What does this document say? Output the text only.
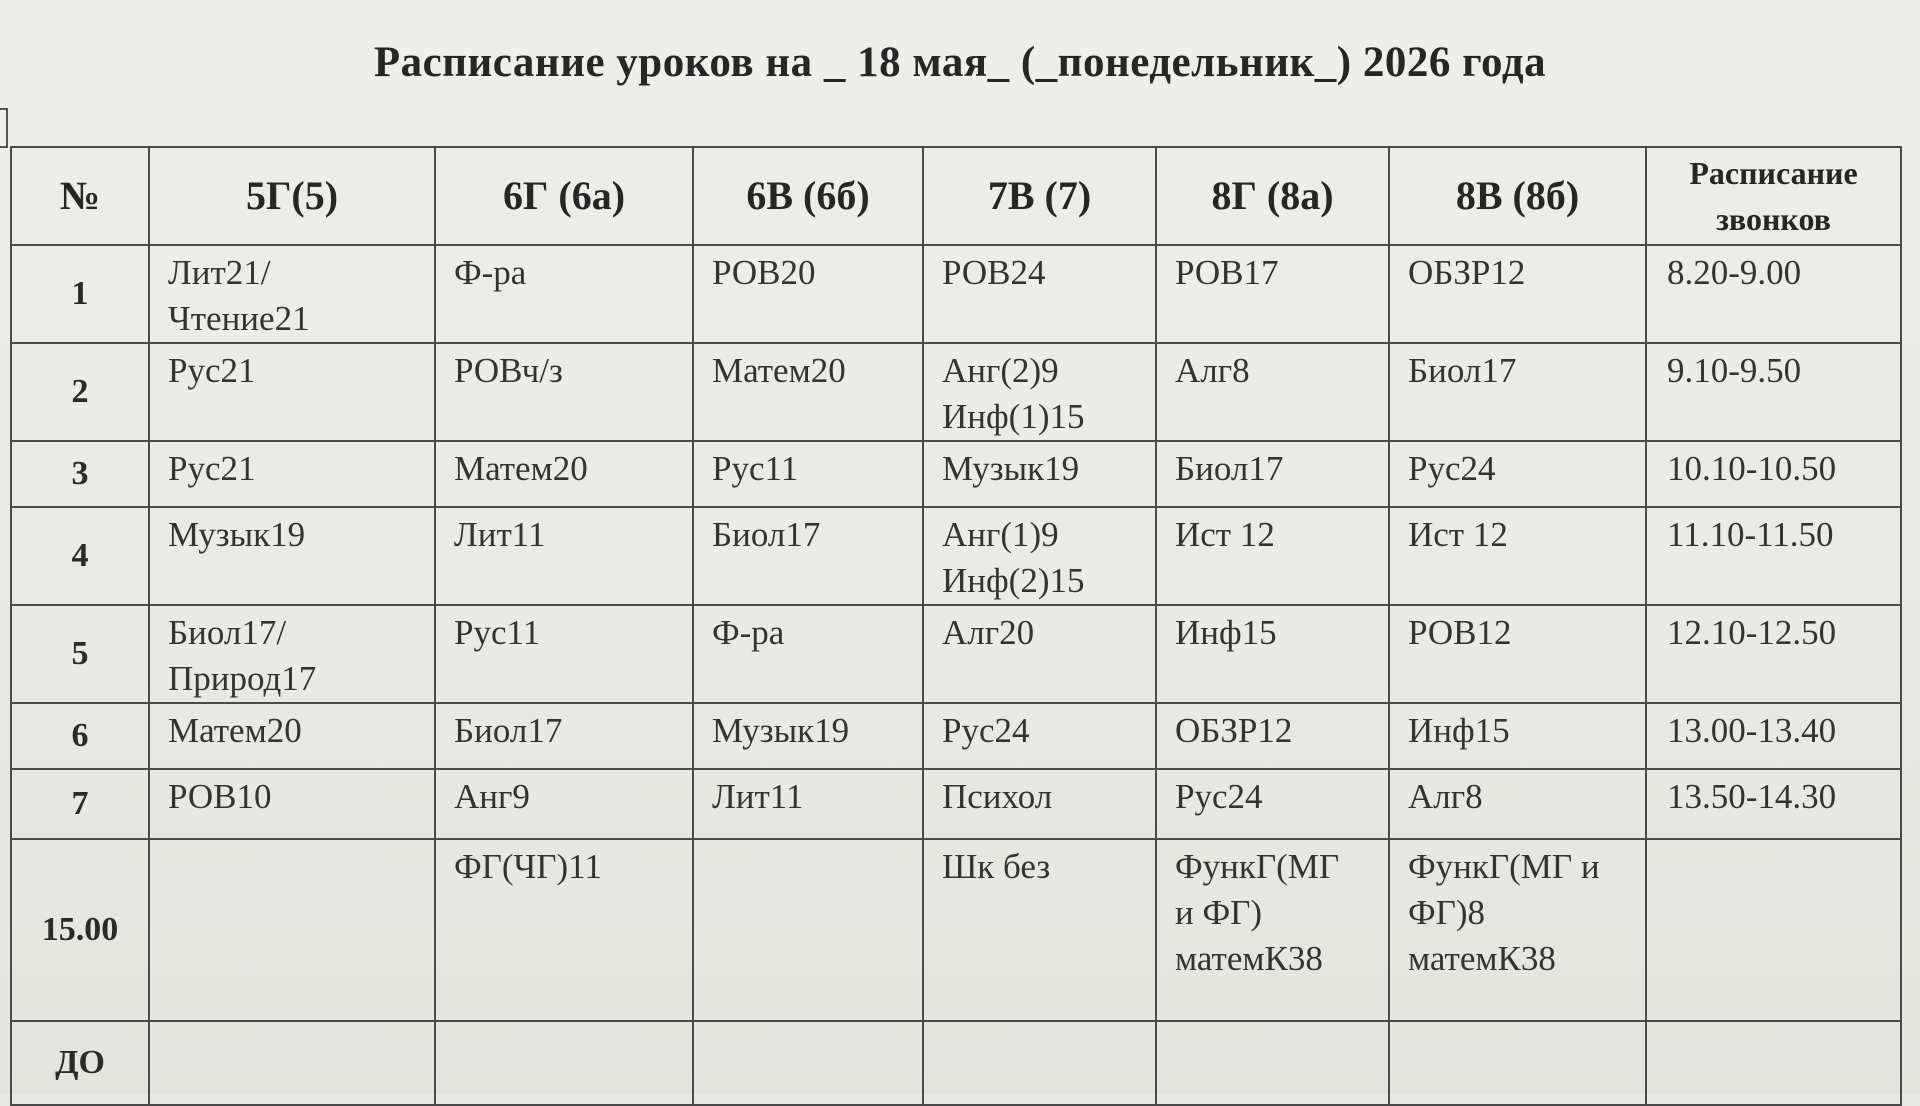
Расписание уроков на _ 18 мая_ (_понедельник_) 2026 года
№	5Г(5)	6Г (6а)	6В (6б)	7В (7)	8Г (8а)	8В (8б)	Расписание звонков
1	Лит21/
Чтение21	Ф-ра	РОВ20	РОВ24	РОВ17	ОБЗР12	8.20-9.00
2	Рус21	РОВч/з	Матем20	Анг(2)9
Инф(1)15	Алг8	Биол17	9.10-9.50
3	Рус21	Матем20	Рус11	Музык19	Биол17	Рус24	10.10-10.50
4	Музык19	Лит11	Биол17	Анг(1)9
Инф(2)15	Ист 12	Ист 12	11.10-11.50
5	Биол17/
Природ17	Рус11	Ф-ра	Алг20	Инф15	РОВ12	12.10-12.50
6	Матем20	Биол17	Музык19	Рус24	ОБЗР12	Инф15	13.00-13.40
7	РОВ10	Анг9	Лит11	Психол	Рус24	Алг8	13.50-14.30
15.00		ФГ(ЧГ)11		Шк без	ФункГ(МГ
и ФГ)
матемК38	ФункГ(МГ и
ФГ)8
матемК38	

ДО							
